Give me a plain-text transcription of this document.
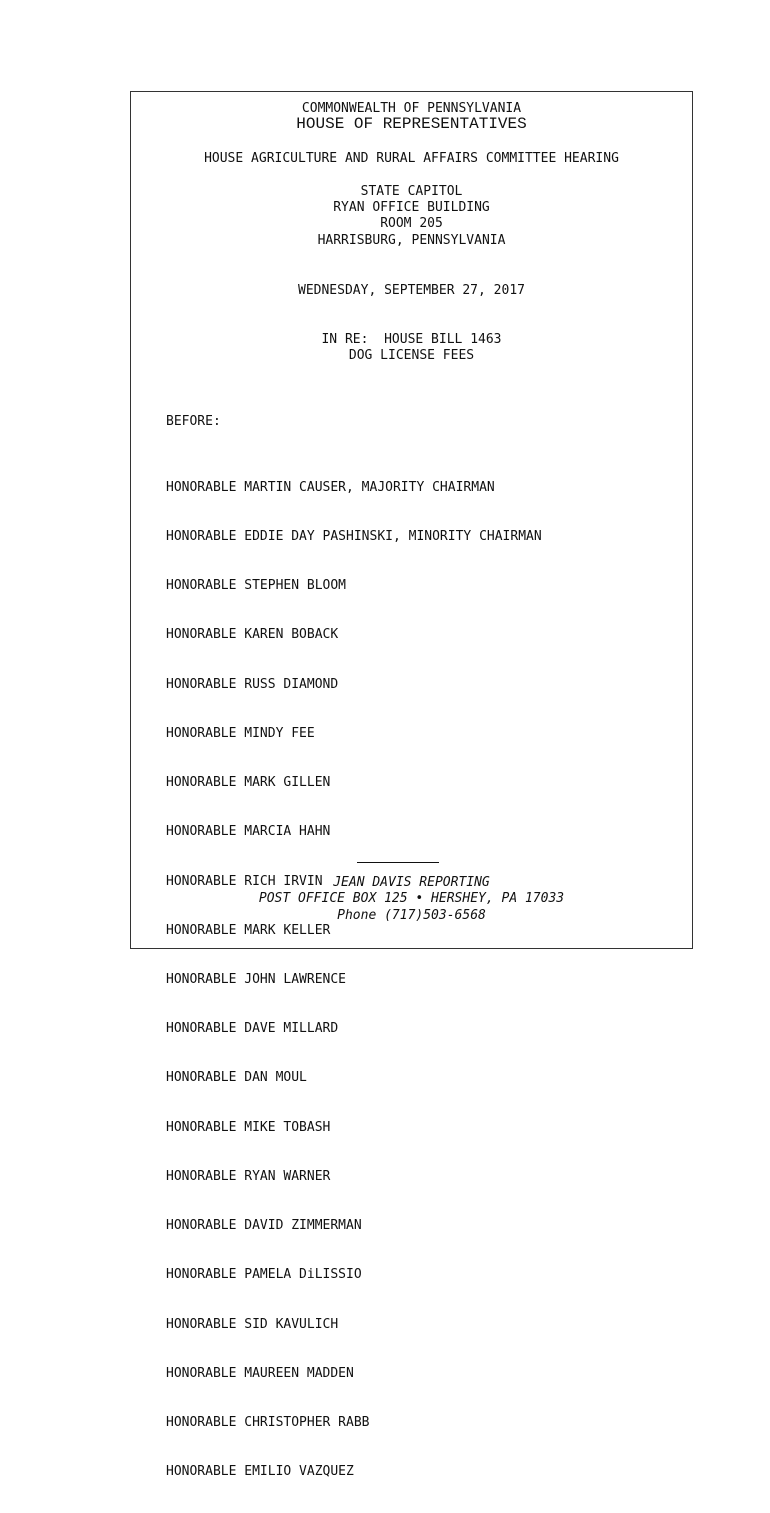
COMMONWEALTH OF PENNSYLVANIA
HOUSE OF REPRESENTATIVES
HOUSE AGRICULTURE AND RURAL AFFAIRS COMMITTEE HEARING
STATE CAPITOL
RYAN OFFICE BUILDING
ROOM 205
HARRISBURG, PENNSYLVANIA
WEDNESDAY, SEPTEMBER 27, 2017
IN RE:  HOUSE BILL 1463
DOG LICENSE FEES
BEFORE:

HONORABLE MARTIN CAUSER, MAJORITY CHAIRMAN

HONORABLE EDDIE DAY PASHINSKI, MINORITY CHAIRMAN

HONORABLE STEPHEN BLOOM

HONORABLE KAREN BOBACK

HONORABLE RUSS DIAMOND

HONORABLE MINDY FEE

HONORABLE MARK GILLEN

HONORABLE MARCIA HAHN

HONORABLE RICH IRVIN

HONORABLE MARK KELLER

HONORABLE JOHN LAWRENCE

HONORABLE DAVE MILLARD

HONORABLE DAN MOUL

HONORABLE MIKE TOBASH

HONORABLE RYAN WARNER

HONORABLE DAVID ZIMMERMAN

HONORABLE PAMELA DiLISSIO

HONORABLE SID KAVULICH

HONORABLE MAUREEN MADDEN

HONORABLE CHRISTOPHER RABB

HONORABLE EMILIO VAZQUEZ

JEAN DAVIS REPORTING
POST OFFICE BOX 125 • HERSHEY, PA 17033
Phone (717)503-6568
